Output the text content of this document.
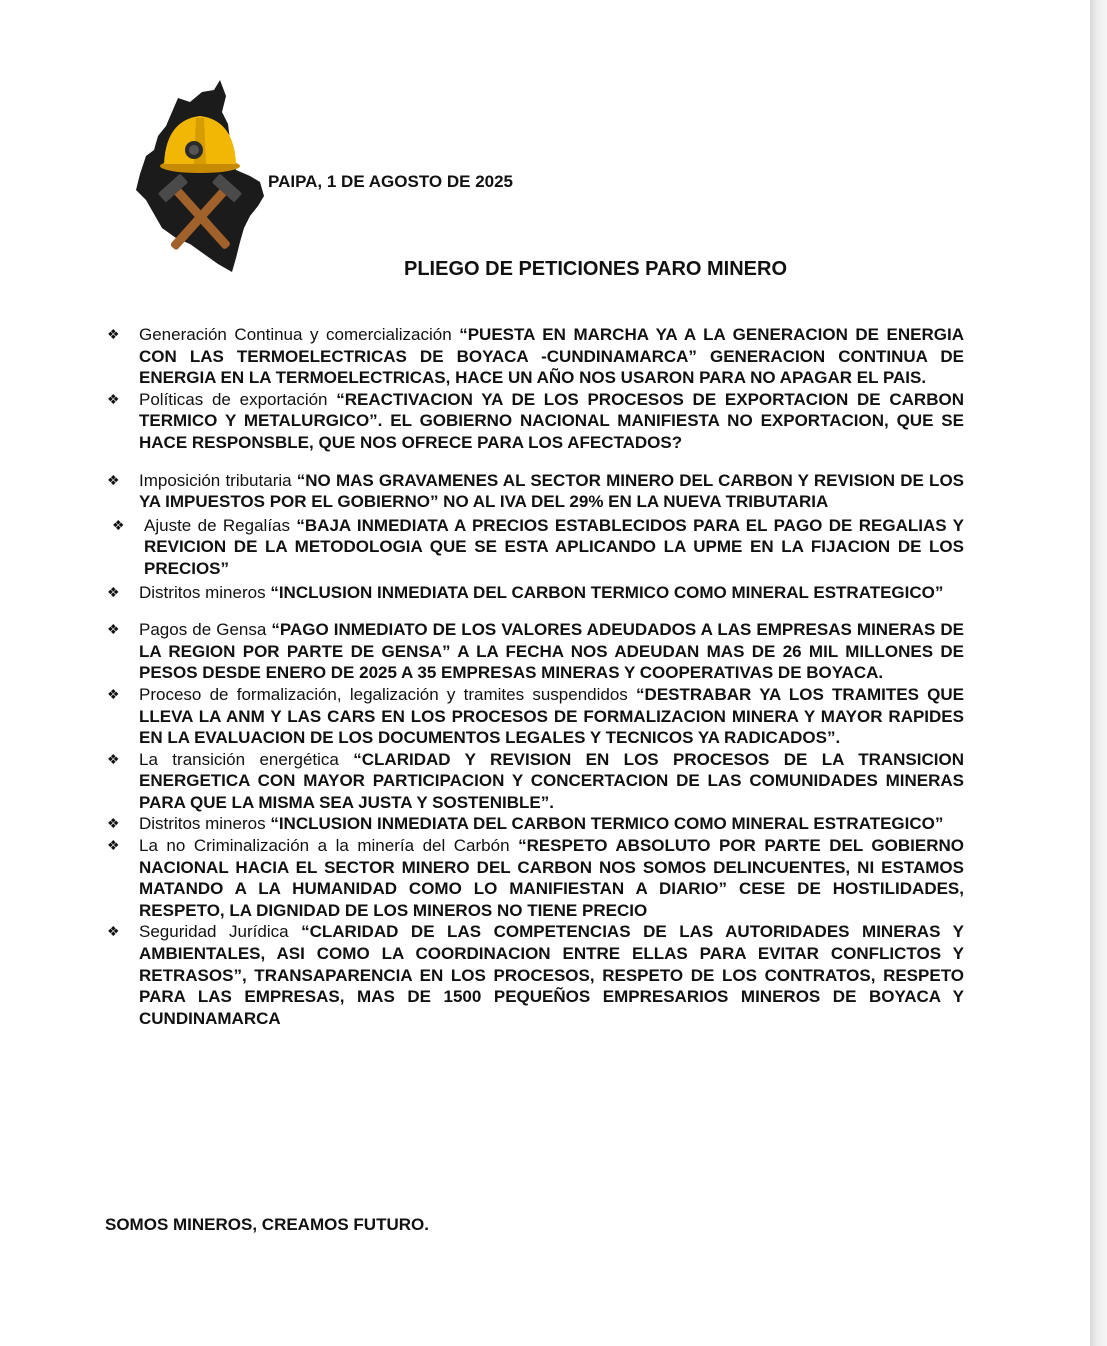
PAIPA, 1 DE AGOSTO DE 2025
PLIEGO DE PETICIONES PARO MINERO
❖ Generación Continua y comercialización “PUESTA EN MARCHA YA A LA GENERACION DE ENERGIA CON LAS TERMOELECTRICAS DE BOYACA -CUNDINAMARCA” GENERACION CONTINUA DE ENERGIA EN LA TERMOELECTRICAS, HACE UN AÑO NOS USARON PARA NO APAGAR EL PAIS.
❖ Políticas de exportación “REACTIVACION YA DE LOS PROCESOS DE EXPORTACION DE CARBON TERMICO Y METALURGICO”. EL GOBIERNO NACIONAL MANIFIESTA NO EXPORTACION, QUE SE HACE RESPONSBLE, QUE NOS OFRECE PARA LOS AFECTADOS?
❖ Imposición tributaria “NO MAS GRAVAMENES AL SECTOR MINERO DEL CARBON Y REVISION DE LOS YA IMPUESTOS POR EL GOBIERNO” NO AL IVA DEL 29% EN LA NUEVA TRIBUTARIA
❖ Ajuste de Regalías “BAJA INMEDIATA A PRECIOS ESTABLECIDOS PARA EL PAGO DE REGALIAS Y REVICION DE LA METODOLOGIA QUE SE ESTA APLICANDO LA UPME EN LA FIJACION DE LOS PRECIOS”
❖ Distritos mineros “INCLUSION INMEDIATA DEL CARBON TERMICO COMO MINERAL ESTRATEGICO”
❖ Pagos de Gensa “PAGO INMEDIATO DE LOS VALORES ADEUDADOS A LAS EMPRESAS MINERAS DE LA REGION POR PARTE DE GENSA” A LA FECHA NOS ADEUDAN MAS DE 26 MIL MILLONES DE PESOS DESDE ENERO DE 2025 A 35 EMPRESAS MINERAS Y COOPERATIVAS DE BOYACA.
❖ Proceso de formalización, legalización y tramites suspendidos “DESTRABAR YA LOS TRAMITES QUE LLEVA LA ANM Y LAS CARS EN LOS PROCESOS DE FORMALIZACION MINERA Y MAYOR RAPIDES EN LA EVALUACION DE LOS DOCUMENTOS LEGALES Y TECNICOS YA RADICADOS”.
❖ La transición energética “CLARIDAD Y REVISION EN LOS PROCESOS DE LA TRANSICION ENERGETICA CON MAYOR PARTICIPACION Y CONCERTACION DE LAS COMUNIDADES MINERAS PARA QUE LA MISMA SEA JUSTA Y SOSTENIBLE”.
❖ Distritos mineros “INCLUSION INMEDIATA DEL CARBON TERMICO COMO MINERAL ESTRATEGICO”
❖ La no Criminalización a la minería del Carbón “RESPETO ABSOLUTO POR PARTE DEL GOBIERNO NACIONAL HACIA EL SECTOR MINERO DEL CARBON NOS SOMOS DELINCUENTES, NI ESTAMOS MATANDO A LA HUMANIDAD COMO LO MANIFIESTAN A DIARIO” CESE DE HOSTILIDADES, RESPETO, LA DIGNIDAD DE LOS MINEROS NO TIENE PRECIO
❖ Seguridad Jurídica “CLARIDAD DE LAS COMPETENCIAS DE LAS AUTORIDADES MINERAS Y AMBIENTALES, ASI COMO LA COORDINACION ENTRE ELLAS PARA EVITAR CONFLICTOS Y RETRASOS”, TRANSAPARENCIA EN LOS PROCESOS, RESPETO DE LOS CONTRATOS, RESPETO PARA LAS EMPRESAS, MAS DE 1500 PEQUEÑOS EMPRESARIOS MINEROS DE BOYACA Y CUNDINAMARCA
SOMOS MINEROS, CREAMOS FUTURO.
